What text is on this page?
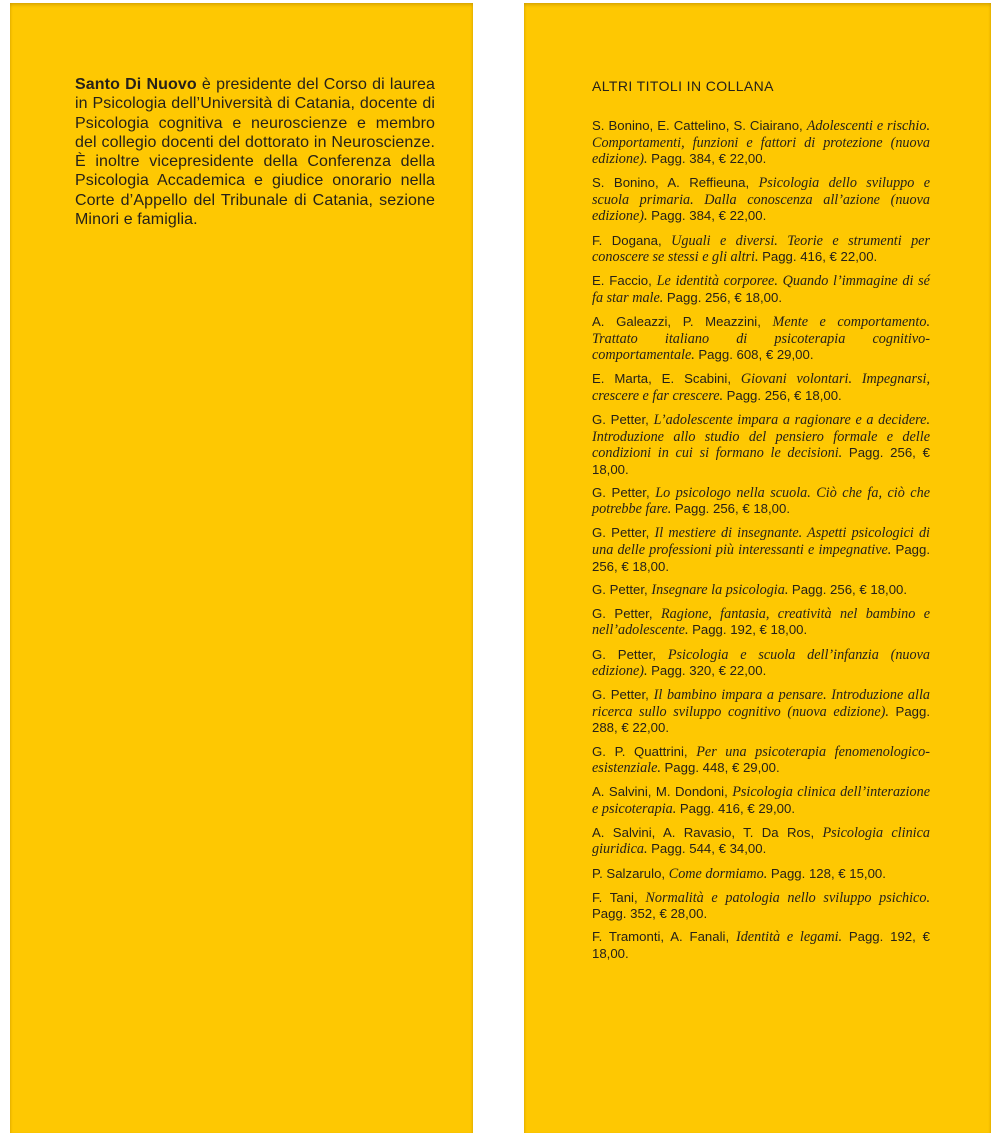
Santo Di Nuovo è presidente del Corso di laurea in Psicologia dell’Università di Catania, docente di Psicologia cognitiva e neuroscienze e membro del collegio docenti del dottorato in Neuroscienze. È inoltre vicepresidente della Conferenza della Psicologia Accademica e giudice onorario nella Corte d’Appello del Tribunale di Catania, sezione Minori e famiglia.

ALTRI TITOLI IN COLLANA

S. Bonino, E. Cattelino, S. Ciairano, Adolescenti e rischio. Comportamenti, funzioni e fattori di protezione (nuova edizione). Pagg. 384, € 22,00.

S. Bonino, A. Reffieuna, Psicologia dello sviluppo e scuola primaria. Dalla conoscenza all’azione (nuova edizione). Pagg. 384, € 22,00.

F. Dogana, Uguali e diversi. Teorie e strumenti per conoscere se stessi e gli altri. Pagg. 416, € 22,00.

E. Faccio, Le identità corporee. Quando l’immagine di sé fa star male. Pagg. 256, € 18,00.

A. Galeazzi, P. Meazzini, Mente e comportamento. Trattato italiano di psicoterapia cognitivo-comportamentale. Pagg. 608, € 29,00.

E. Marta, E. Scabini, Giovani volontari. Impegnarsi, crescere e far crescere. Pagg. 256, € 18,00.

G. Petter, L’adolescente impara a ragionare e a decidere. Introduzione allo studio del pensiero formale e delle condizioni in cui si formano le decisioni. Pagg. 256, € 18,00.

G. Petter, Lo psicologo nella scuola. Ciò che fa, ciò che potrebbe fare. Pagg. 256, € 18,00.

G. Petter, Il mestiere di insegnante. Aspetti psicologici di una delle professioni più interessanti e impegnative. Pagg. 256, € 18,00.

G. Petter, Insegnare la psicologia. Pagg. 256, € 18,00.

G. Petter, Ragione, fantasia, creatività nel bambino e nell’adolescente. Pagg. 192, € 18,00.

G. Petter, Psicologia e scuola dell’infanzia (nuova edizione). Pagg. 320, € 22,00.

G. Petter, Il bambino impara a pensare. Introduzione alla ricerca sullo sviluppo cognitivo (nuova edizione). Pagg. 288, € 22,00.

G. P. Quattrini, Per una psicoterapia fenomenologico-esistenziale. Pagg. 448, € 29,00.

A. Salvini, M. Dondoni, Psicologia clinica dell’interazione e psicoterapia. Pagg. 416, € 29,00.

A. Salvini, A. Ravasio, T. Da Ros, Psicologia clinica giuridica. Pagg. 544, € 34,00.

P. Salzarulo, Come dormiamo. Pagg. 128, € 15,00.

F. Tani, Normalità e patologia nello sviluppo psichico. Pagg. 352, € 28,00.

F. Tramonti, A. Fanali, Identità e legami. Pagg. 192, € 18,00.
